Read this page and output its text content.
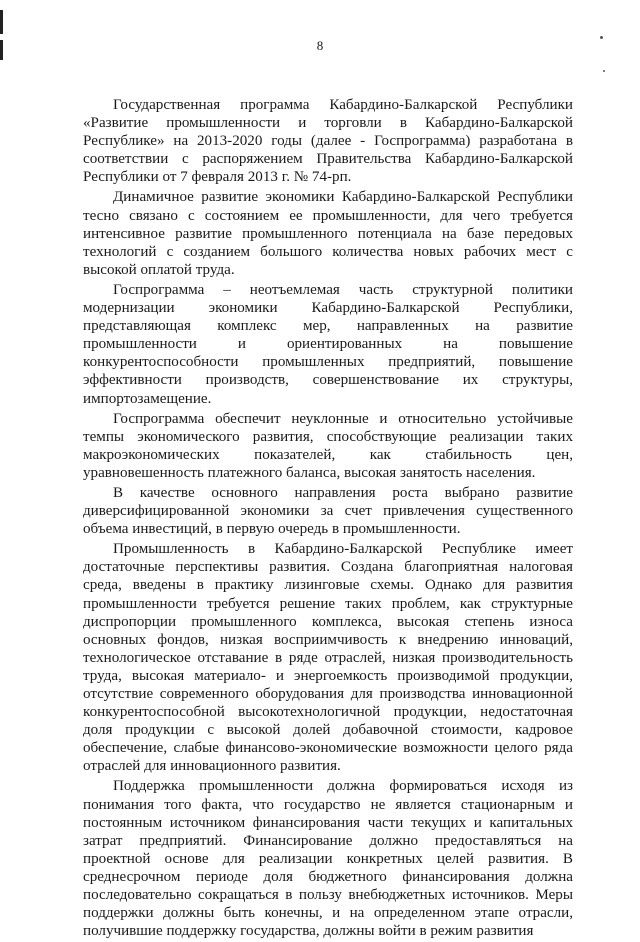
8

Государственная программа Кабардино-Балкарской Республики «Развитие промышленности и торговли в Кабардино-Балкарской Республике» на 2013-2020 годы (далее - Госпрограмма) разработана в соответствии с распоряжением Правительства Кабардино-Балкарской Республики от 7 февраля 2013 г. № 74-рп.

Динамичное развитие экономики Кабардино-Балкарской Республики тесно связано с состоянием ее промышленности, для чего требуется интенсивное развитие промышленного потенциала на базе передовых технологий с созданием большого количества новых рабочих мест с высокой оплатой труда.

Госпрограмма – неотъемлемая часть структурной политики модернизации экономики Кабардино-Балкарской Республики, представляющая комплекс мер, направленных на развитие промышленности и ориентированных на повышение конкурентоспособности промышленных предприятий, повышение эффективности производств, совершенствование их структуры, импортозамещение.

Госпрограмма обеспечит неуклонные и относительно устойчивые темпы экономического развития, способствующие реализации таких макроэкономических показателей, как стабильность цен, уравновешенность платежного баланса, высокая занятость населения.

В качестве основного направления роста выбрано развитие диверсифицированной экономики за счет привлечения существенного объема инвестиций, в первую очередь в промышленности.

Промышленность в Кабардино-Балкарской Республике имеет достаточные перспективы развития. Создана благоприятная налоговая среда, введены в практику лизинговые схемы. Однако для развития промышленности требуется решение таких проблем, как структурные диспропорции промышленного комплекса, высокая степень износа основных фондов, низкая восприимчивость к внедрению инноваций, технологическое отставание в ряде отраслей, низкая производительность труда, высокая материало- и энергоемкость производимой продукции, отсутствие современного оборудования для производства инновационной конкурентоспособной высокотехнологичной продукции, недостаточная доля продукции с высокой долей добавочной стоимости, кадровое обеспечение, слабые финансово-экономические возможности целого ряда отраслей для инновационного развития.

Поддержка промышленности должна формироваться исходя из понимания того факта, что государство не является стационарным и постоянным источником финансирования части текущих и капитальных затрат предприятий. Финансирование должно предоставляться на проектной основе для реализации конкретных целей развития. В среднесрочном периоде доля бюджетного финансирования должна последовательно сокращаться в пользу внебюджетных источников. Меры поддержки должны быть конечны, и на определенном этапе отрасли, получившие поддержку государства, должны войти в режим развития
